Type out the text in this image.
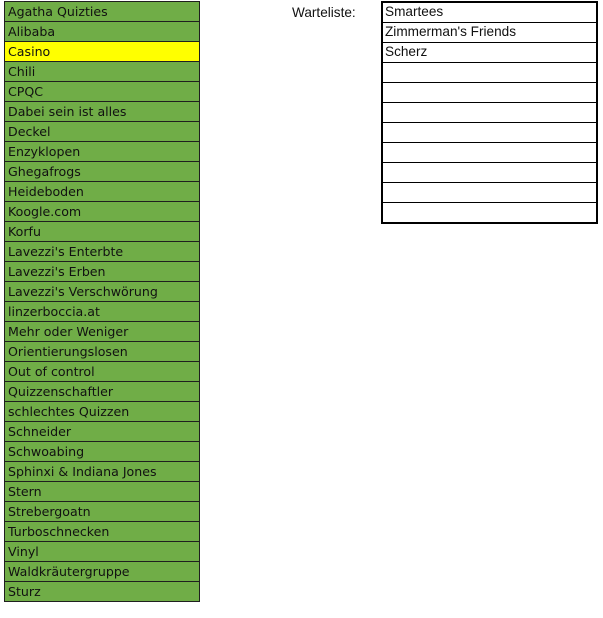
Agatha Quizties
Alibaba
Casino
Chili
CPQC
Dabei sein ist alles
Deckel
Enzyklopen
Ghegafrogs
Heideboden
Koogle.com
Korfu
Lavezzi's Enterbte
Lavezzi's Erben
Lavezzi's Verschwörung
linzerboccia.at
Mehr oder Weniger
Orientierungslosen
Out of control
Quizzenschaftler
schlechtes Quizzen
Schneider
Schwoabing
Sphinxi & Indiana Jones
Stern
Strebergoatn
Turboschnecken
Vinyl
Waldkräutergruppe
Sturz
Warteliste: Smartees
Zimmerman's Friends
Scherz
